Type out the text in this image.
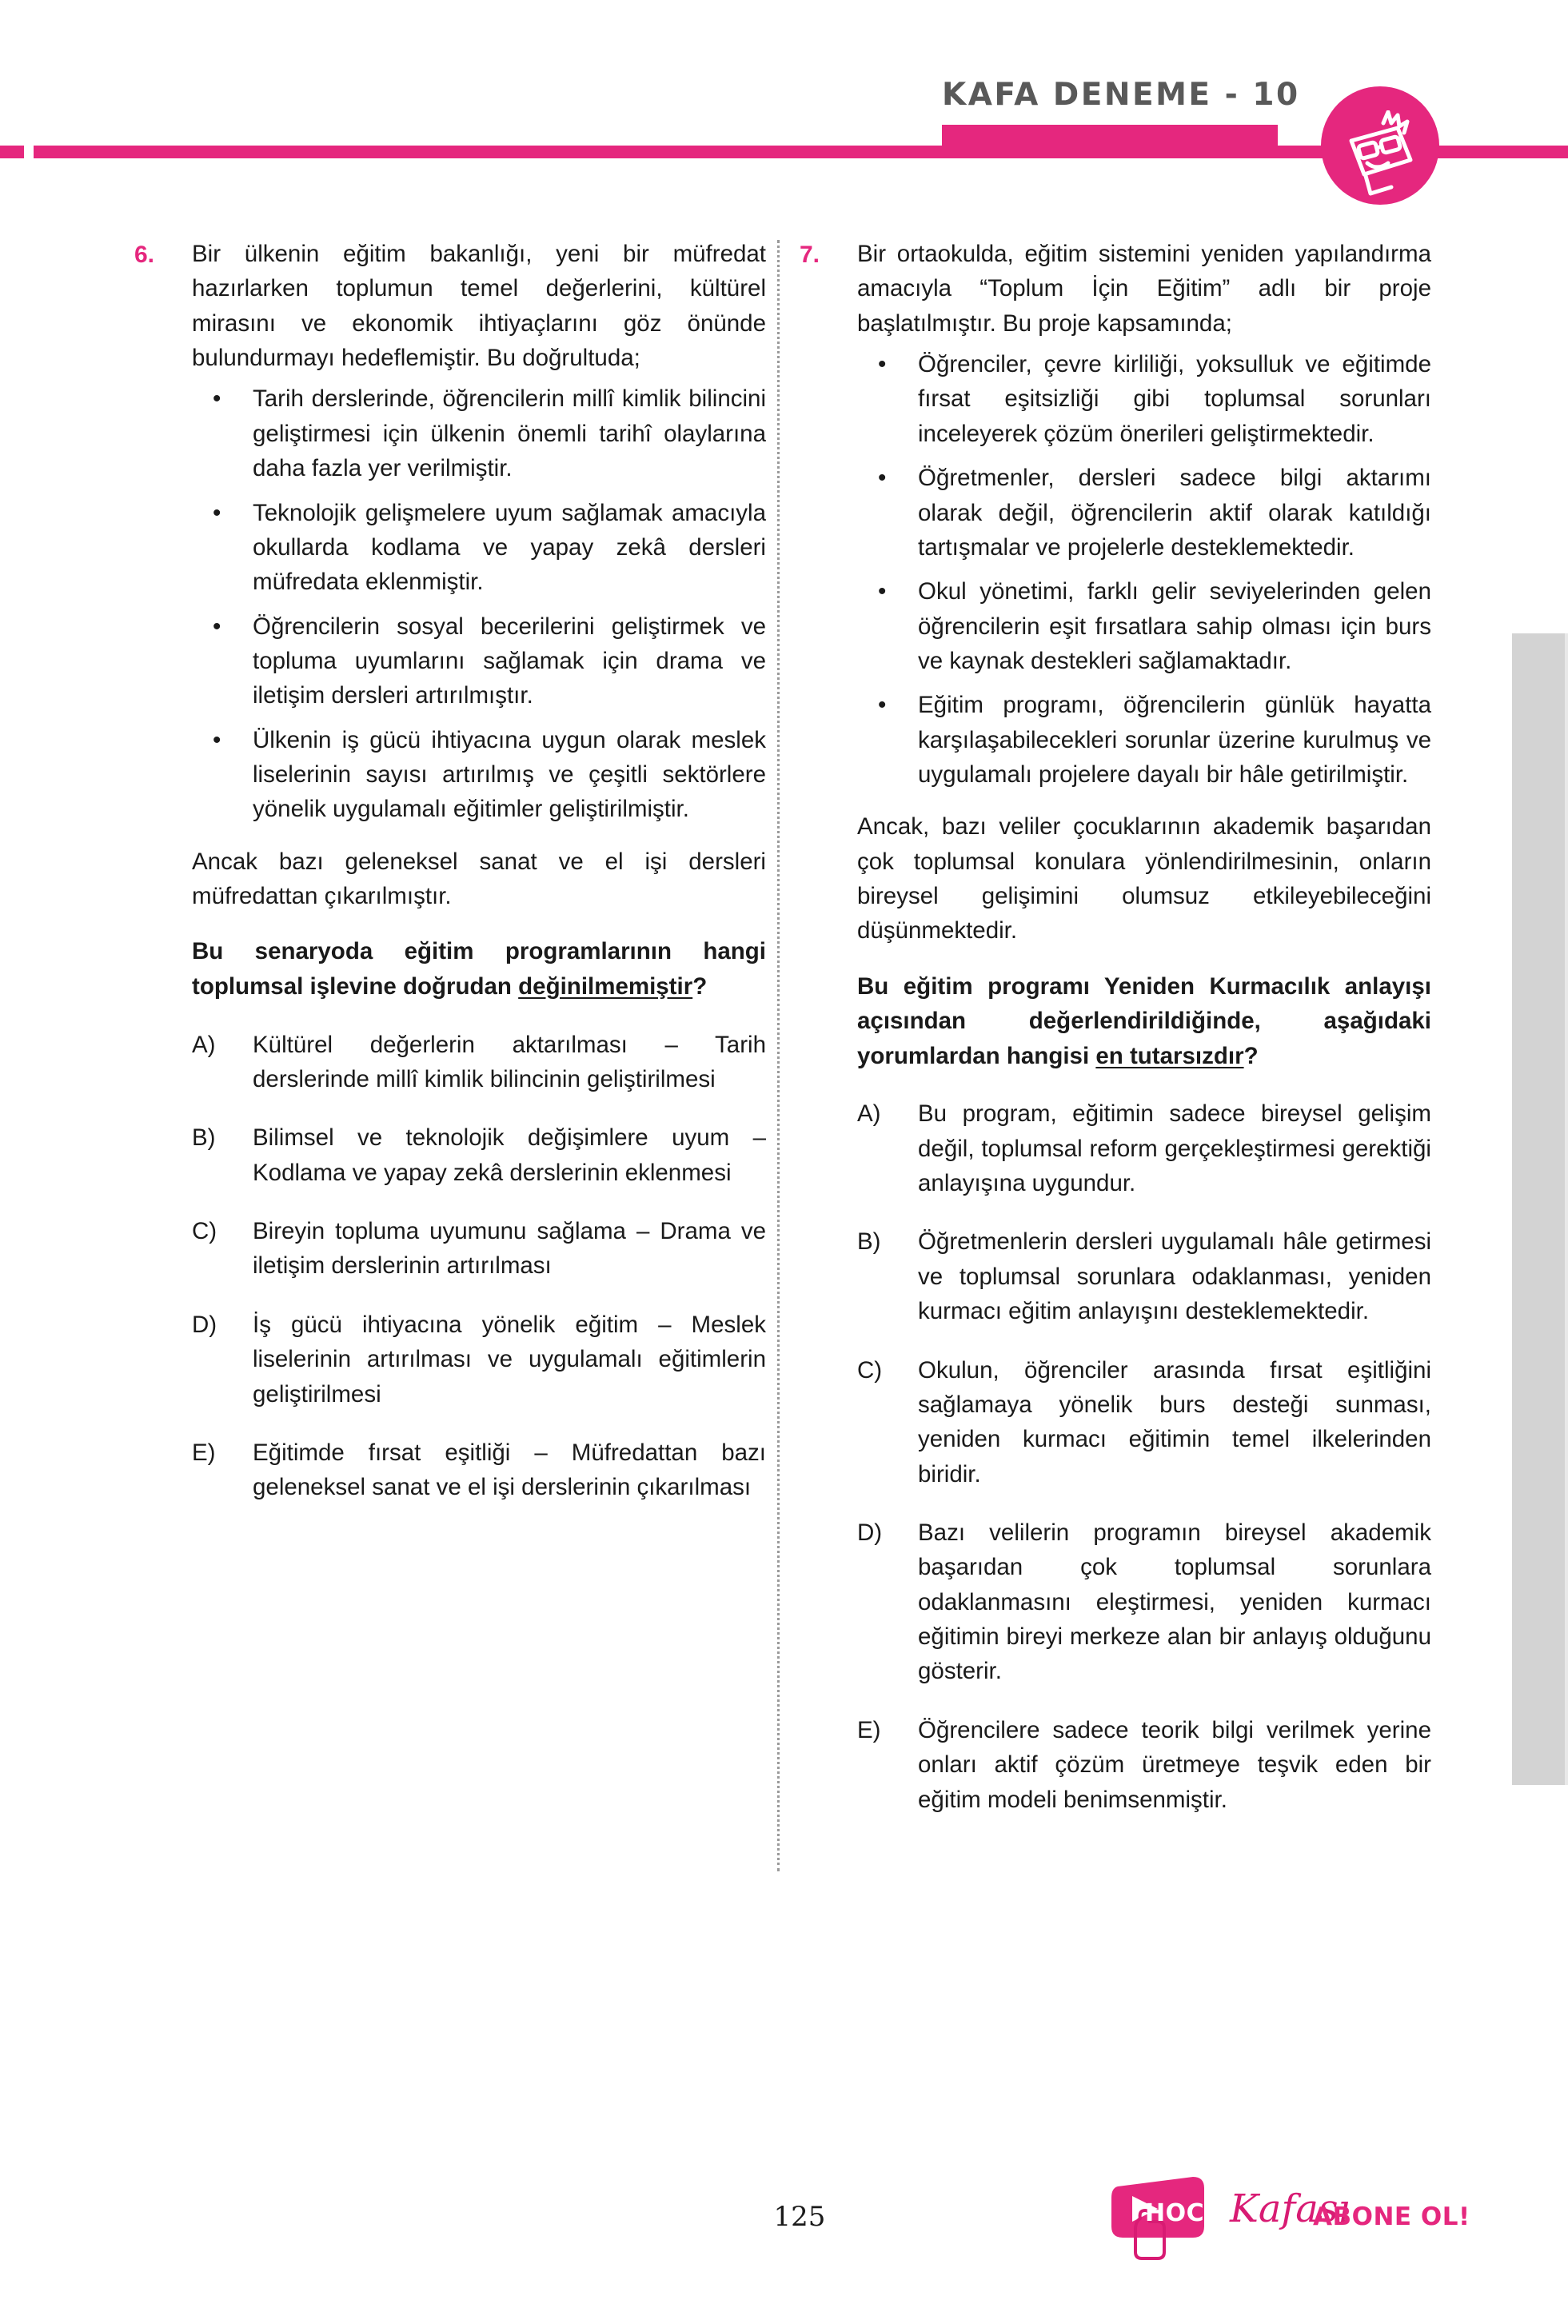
KAFA DENEME - 10
6.	Bir ülkenin eğitim bakanlığı, yeni bir müfredat hazırlarken toplumun temel değerlerini, kültürel mirasını ve ekonomik ihtiyaçlarını göz önünde bulundurmayı hedeflemiştir. Bu doğrultuda;

• Tarih derslerinde, öğrencilerin millî kimlik bilincini geliştirmesi için ülkenin önemli tarihî olaylarına daha fazla yer verilmiştir.
• Teknolojik gelişmelere uyum sağlamak amacıyla okullarda kodlama ve yapay zekâ dersleri müfredata eklenmiştir.
• Öğrencilerin sosyal becerilerini geliştirmek ve topluma uyumlarını sağlamak için drama ve iletişim dersleri artırılmıştır.
• Ülkenin iş gücü ihtiyacına uygun olarak meslek liselerinin sayısı artırılmış ve çeşitli sektörlere yönelik uygulamalı eğitimler geliştirilmiştir.

Ancak bazı geleneksel sanat ve el işi dersleri müfredattan çıkarılmıştır.

Bu senaryoda eğitim programlarının hangi toplumsal işlevine doğrudan değinilmemiştir?

A)	Kültürel değerlerin aktarılması – Tarih derslerinde millî kimlik bilincinin geliştirilmesi
B)	Bilimsel ve teknolojik değişimlere uyum – Kodlama ve yapay zekâ derslerinin eklenmesi
C)	Bireyin topluma uyumunu sağlama – Drama ve iletişim derslerinin artırılması
D)	İş gücü ihtiyacına yönelik eğitim – Meslek liselerinin artırılması ve uygulamalı eğitimlerin geliştirilmesi
E)	Eğitimde fırsat eşitliği – Müfredattan bazı geleneksel sanat ve el işi derslerinin çıkarılması
7.	Bir ortaokulda, eğitim sistemini yeniden yapılandırma amacıyla “Toplum İçin Eğitim” adlı bir proje başlatılmıştır. Bu proje kapsamında;

• Öğrenciler, çevre kirliliği, yoksulluk ve eğitimde fırsat eşitsizliği gibi toplumsal sorunları inceleyerek çözüm önerileri geliştirmektedir.
• Öğretmenler, dersleri sadece bilgi aktarımı olarak değil, öğrencilerin aktif olarak katıldığı tartışmalar ve projelerle desteklemektedir.
• Okul yönetimi, farklı gelir seviyelerinden gelen öğrencilerin eşit fırsatlara sahip olması için burs ve kaynak destekleri sağlamaktadır.
• Eğitim programı, öğrencilerin günlük hayatta karşılaşabilecekleri sorunlar üzerine kurulmuş ve uygulamalı projelere dayalı bir hâle getirilmiştir.

Ancak, bazı veliler çocuklarının akademik başarıdan çok toplumsal konulara yönlendirilmesinin, onların bireysel gelişimini olumsuz etkileyebileceğini düşünmektedir.

Bu eğitim programı Yeniden Kurmacılık anlayışı açısından değerlendirildiğinde, aşağıdaki yorumlardan hangisi en tutarsızdır?

A)	Bu program, eğitimin sadece bireysel gelişim değil, toplumsal reform gerçekleştirmesi gerektiği anlayışına uygundur.
B)	Öğretmenlerin dersleri uygulamalı hâle getirmesi ve toplumsal sorunlara odaklanması, yeniden kurmacı eğitim anlayışını desteklemektedir.
C)	Okulun, öğrenciler arasında fırsat eşitliğini sağlamaya yönelik burs desteği sunması, yeniden kurmacı eğitimin temel ilkelerinden biridir.
D)	Bazı velilerin programın bireysel akademik başarıdan çok toplumsal sorunlara odaklanmasını eleştirmesi, yeniden kurmacı eğitimin bireyi merkeze alan bir anlayış olduğunu gösterir.
E)	Öğrencilere sadece teorik bilgi verilmek yerine onları aktif çözüm üretmeye teşvik eden bir eğitim modeli benimsenmiştir.
125	HOCA Kafası
ABONE OL!
